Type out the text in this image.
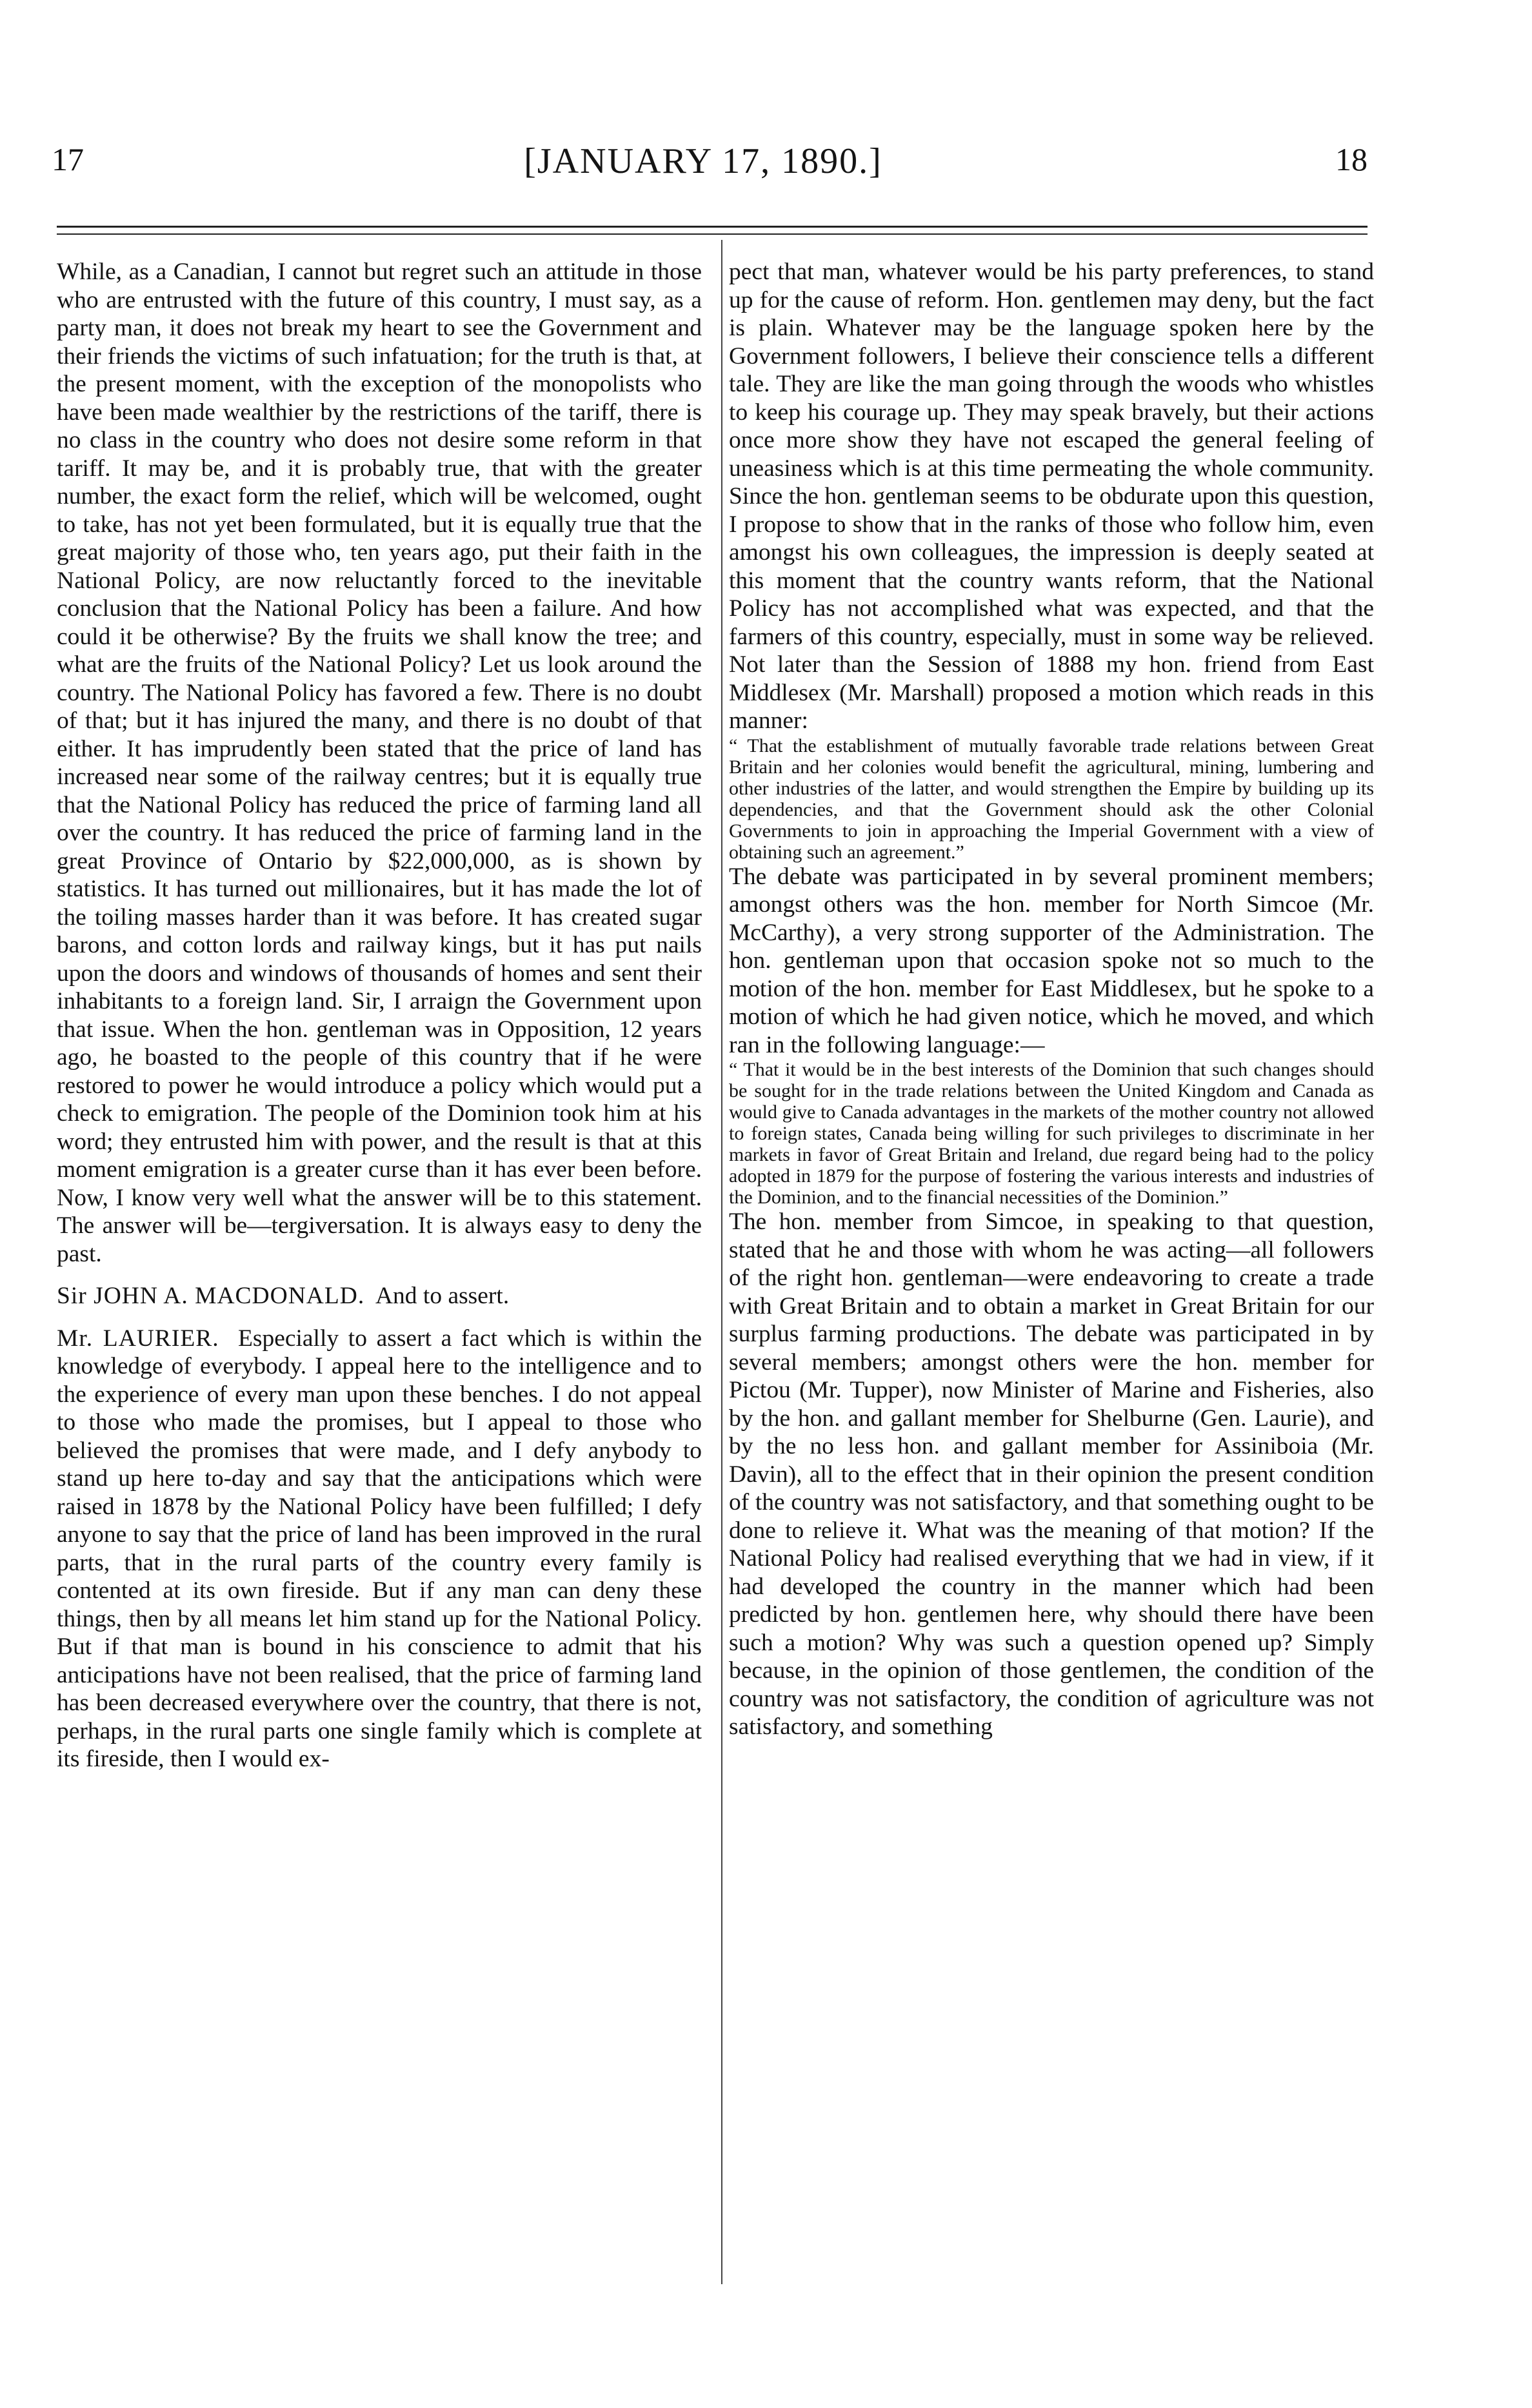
17	[JANUARY 17, 1890.]	18

While, as a Canadian, I cannot but regret such an attitude in those who are entrusted with the future of this country, I must say, as a party man, it does not break my heart to see the Government and their friends the victims of such infatuation; for the truth is that, at the present moment, with the exception of the monopolists who have been made wealthier by the restrictions of the tariff, there is no class in the country who does not desire some reform in that tariff. It may be, and it is probably true, that with the greater number, the exact form the relief, which will be welcomed, ought to take, has not yet been formulated, but it is equally true that the great majority of those who, ten years ago, put their faith in the National Policy, are now reluctantly forced to the inevitable conclusion that the National Policy has been a failure. And how could it be otherwise? By the fruits we shall know the tree; and what are the fruits of the National Policy? Let us look around the country. The National Policy has favored a few. There is no doubt of that; but it has injured the many, and there is no doubt of that either. It has imprudently been stated that the price of land has increased near some of the railway centres; but it is equally true that the National Policy has reduced the price of farming land all over the country. It has reduced the price of farming land in the great Province of Ontario by $22,000,000, as is shown by statistics. It has turned out millionaires, but it has made the lot of the toiling masses harder than it was before. It has created sugar barons, and cotton lords and railway kings, but it has put nails upon the doors and windows of thousands of homes and sent their inhabitants to a foreign land. Sir, I arraign the Government upon that issue. When the hon. gentleman was in Opposition, 12 years ago, he boasted to the people of this country that if he were restored to power he would introduce a policy which would put a check to emigration. The people of the Dominion took him at his word; they entrusted him with power, and the result is that at this moment emigration is a greater curse than it has ever been before. Now, I know very well what the answer will be to this statement. The answer will be—tergiversation. It is always easy to deny the past.

Sir JOHN A. MACDONALD. And to assert.

Mr. LAURIER. Especially to assert a fact which is within the knowledge of everybody. I appeal here to the intelligence and to the experience of every man upon these benches. I do not appeal to those who made the promises, but I appeal to those who believed the promises that were made, and I defy anybody to stand up here to-day and say that the anticipations which were raised in 1878 by the National Policy have been fulfilled; I defy anyone to say that the price of land has been improved in the rural parts, that in the rural parts of the country every family is contented at its own fireside. But if any man can deny these things, then by all means let him stand up for the National Policy. But if that man is bound in his conscience to admit that his anticipations have not been realised, that the price of farming land has been decreased everywhere over the country, that there is not, perhaps, in the rural parts one single family which is complete at its fireside, then I would ex-

pect that man, whatever would be his party preferences, to stand up for the cause of reform. Hon. gentlemen may deny, but the fact is plain. Whatever may be the language spoken here by the Government followers, I believe their conscience tells a different tale. They are like the man going through the woods who whistles to keep his courage up. They may speak bravely, but their actions once more show they have not escaped the general feeling of uneasiness which is at this time permeating the whole community. Since the hon. gentleman seems to be obdurate upon this question, I propose to show that in the ranks of those who follow him, even amongst his own colleagues, the impression is deeply seated at this moment that the country wants reform, that the National Policy has not accomplished what was expected, and that the farmers of this country, especially, must in some way be relieved. Not later than the Session of 1888 my hon. friend from East Middlesex (Mr. Marshall) proposed a motion which reads in this manner:

“ That the establishment of mutually favorable trade relations between Great Britain and her colonies would benefit the agricultural, mining, lumbering and other industries of the latter, and would strengthen the Empire by building up its dependencies, and that the Government should ask the other Colonial Governments to join in approaching the Imperial Government with a view of obtaining such an agreement.”

The debate was participated in by several prominent members; amongst others was the hon. member for North Simcoe (Mr. McCarthy), a very strong supporter of the Administration. The hon. gentleman upon that occasion spoke not so much to the motion of the hon. member for East Middlesex, but he spoke to a motion of which he had given notice, which he moved, and which ran in the following language:—

“ That it would be in the best interests of the Dominion that such changes should be sought for in the trade relations between the United Kingdom and Canada as would give to Canada advantages in the markets of the mother country not allowed to foreign states, Canada being willing for such privileges to discriminate in her markets in favor of Great Britain and Ireland, due regard being had to the policy adopted in 1879 for the purpose of fostering the various interests and industries of the Dominion, and to the financial necessities of the Dominion.”

The hon. member from Simcoe, in speaking to that question, stated that he and those with whom he was acting—all followers of the right hon. gentleman—were endeavoring to create a trade with Great Britain and to obtain a market in Great Britain for our surplus farming productions. The debate was participated in by several members; amongst others were the hon. member for Pictou (Mr. Tupper), now Minister of Marine and Fisheries, also by the hon. and gallant member for Shelburne (Gen. Laurie), and by the no less hon. and gallant member for Assiniboia (Mr. Davin), all to the effect that in their opinion the present condition of the country was not satisfactory, and that something ought to be done to relieve it. What was the meaning of that motion? If the National Policy had realised everything that we had in view, if it had developed the country in the manner which had been predicted by hon. gentlemen here, why should there have been such a motion? Why was such a question opened up? Simply because, in the opinion of those gentlemen, the condition of the country was not satisfactory, the condition of agriculture was not satisfactory, and something
